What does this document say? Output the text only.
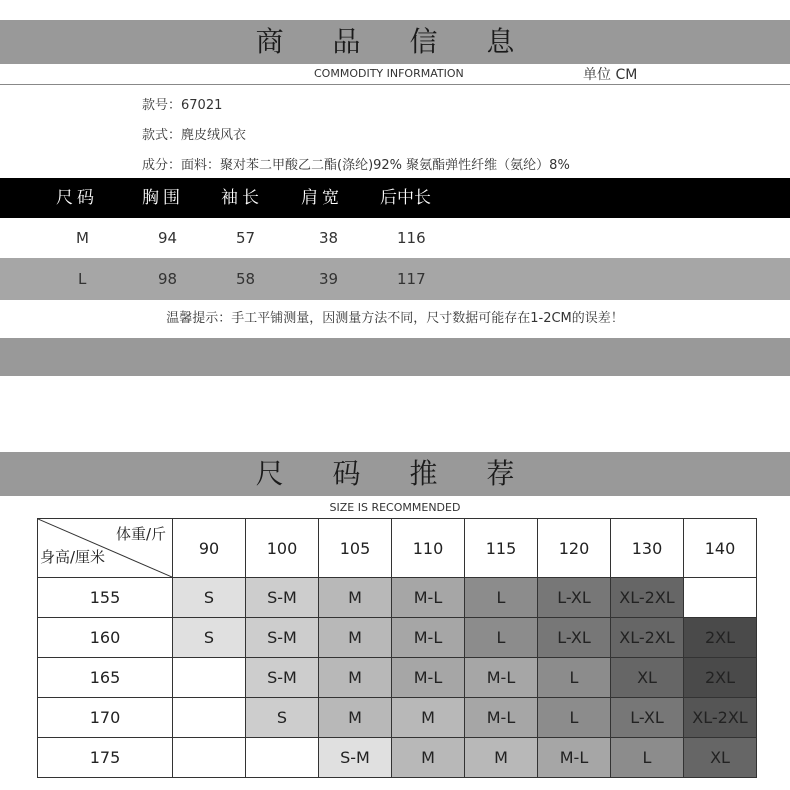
商 品 信 息
COMMODITY INFORMATION	单位 CM
款号：67021
款式：麂皮绒风衣
成分：面料：聚对苯二甲酸乙二酯(涤纶)92% 聚氨酯弹性纤维（氨纶）8%
尺码	胸围 袖长 肩宽 后中长
M	94	57	38	116
L	98	58	39	117
温馨提示：手工平铺测量，因测量方法不同，尺寸数据可能存在1-2CM的误差！
尺 码 推 荐
SIZE IS RECOMMENDED
体重/斤
身高/厘米	90	100	105	110	115	120	130	140
155	S	S-M	M	M-L	L	L-XL	XL-2XL	
160	S	S-M	M	M-L	L	L-XL	XL-2XL	2XL
165		S-M	M	M-L	M-L	L	XL	2XL
170		S	M	M	M-L	L	L-XL	XL-2XL
175			S-M	M	M	M-L	L	XL
